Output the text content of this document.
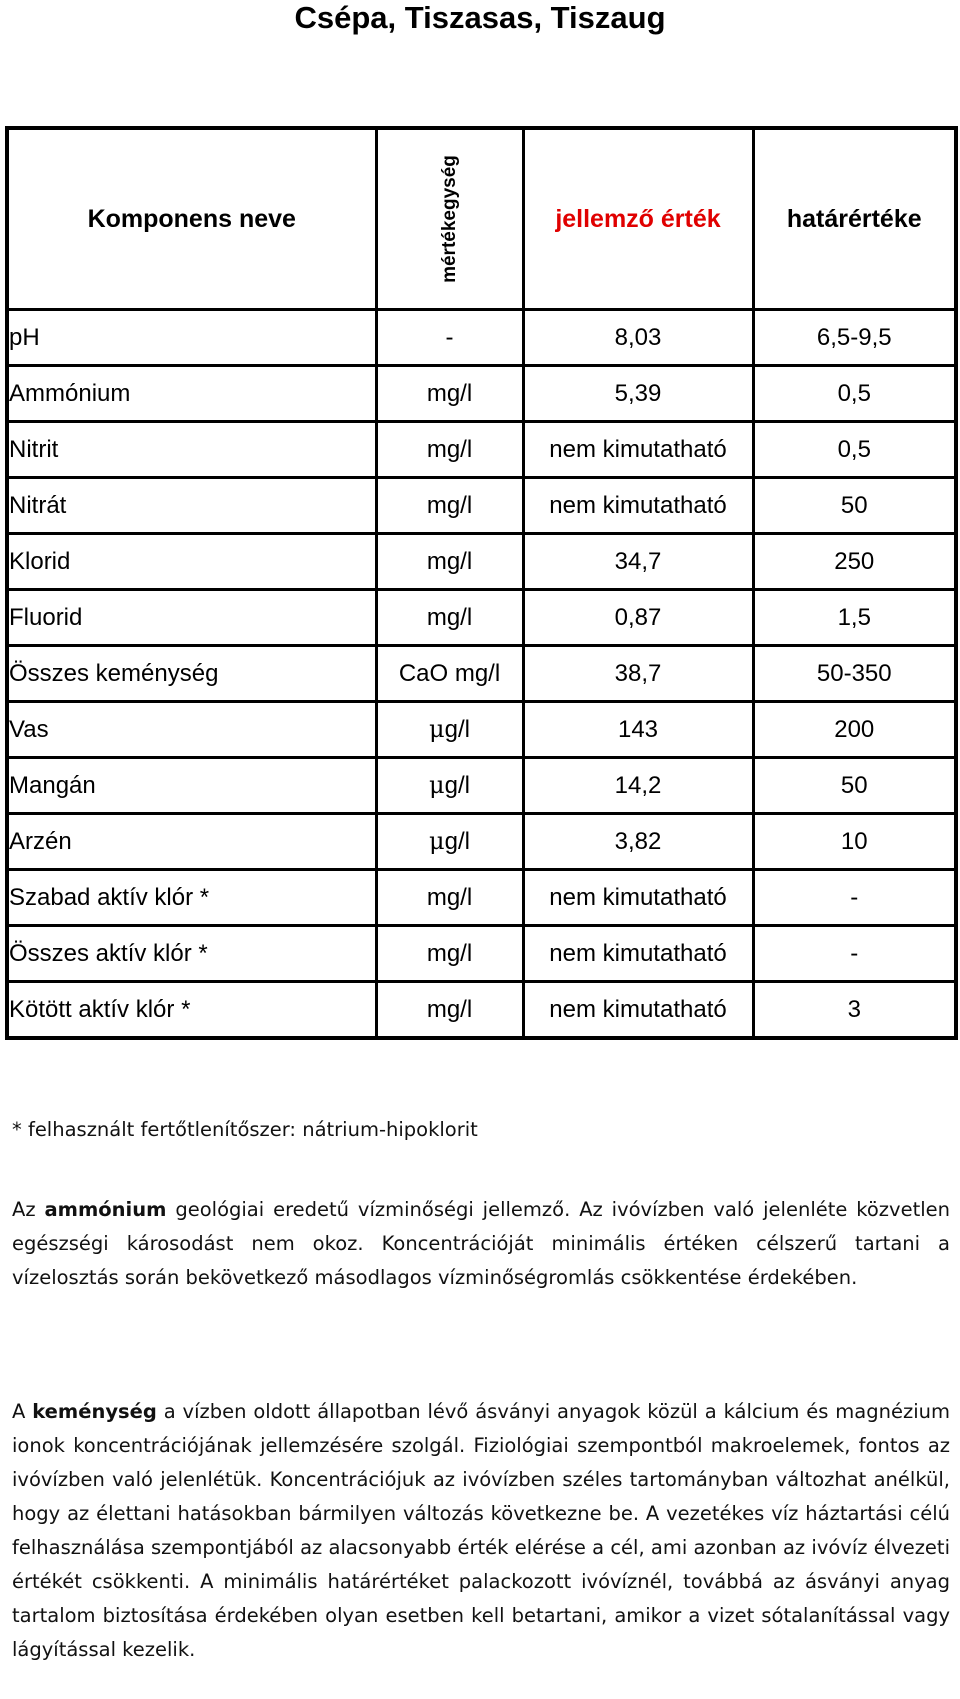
Csépa, Tiszasas, Tiszaug
Komponens neve	mértékegység	jellemző érték	határértéke
pH	-	8,03	6,5-9,5
Ammónium	mg/l	5,39	0,5
Nitrit	mg/l	nem kimutatható	0,5
Nitrát	mg/l	nem kimutatható	50
Klorid	mg/l	34,7	250
Fluorid	mg/l	0,87	1,5
Összes keménység	CaO mg/l	38,7	50-350
Vas	μg/l	143	200
Mangán	μg/l	14,2	50
Arzén	μg/l	3,82	10
Szabad aktív klór *	mg/l	nem kimutatható	-
Összes aktív klór *	mg/l	nem kimutatható	-
Kötött aktív klór *	mg/l	nem kimutatható	3
* felhasznált fertőtlenítőszer: nátrium-hipoklorit

Az ammónium geológiai eredetű vízminőségi jellemző. Az ivóvízben való jelenléte közvetlen egészségi károsodást nem okoz. Koncentrációját minimális értéken célszerű tartani a vízelosztás során bekövetkező másodlagos vízminőségromlás csökkentése érdekében.

A keménység a vízben oldott állapotban lévő ásványi anyagok közül a kálcium és magnézium ionok koncentrációjának jellemzésére szolgál. Fiziológiai szempontból makroelemek, fontos az ivóvízben való jelenlétük. Koncentrációjuk az ivóvízben széles tartományban változhat anélkül, hogy az élettani hatásokban bármilyen változás következne be. A vezetékes víz háztartási célú felhasználása szempontjából az alacsonyabb érték elérése a cél, ami azonban az ivóvíz élvezeti értékét csökkenti. A minimális határértéket palackozott ivóvíznél, továbbá az ásványi anyag tartalom biztosítása érdekében olyan esetben kell betartani, amikor a vizet sótalanítással vagy lágyítással kezelik.
